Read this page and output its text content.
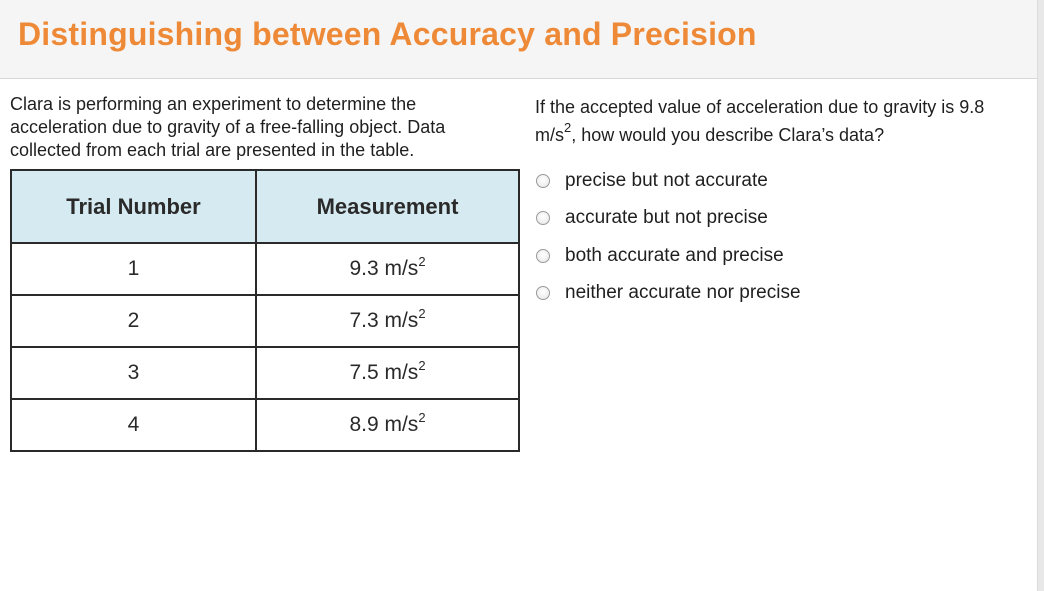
Distinguishing between Accuracy and Precision
Clara is performing an experiment to determine the acceleration due to gravity of a free-falling object. Data collected from each trial are presented in the table.
Trial Number	Measurement
1	9.3 $m/s^2$
2	7.3 $m/s^2$
3	7.5 $m/s^2$
4	8.9 $m/s^2$
If the accepted value of acceleration due to gravity is 9.8 $m/s^2$, how would you describe Clara’s data?
precise but not accurate
accurate but not precise
both accurate and precise
neither accurate nor precise
